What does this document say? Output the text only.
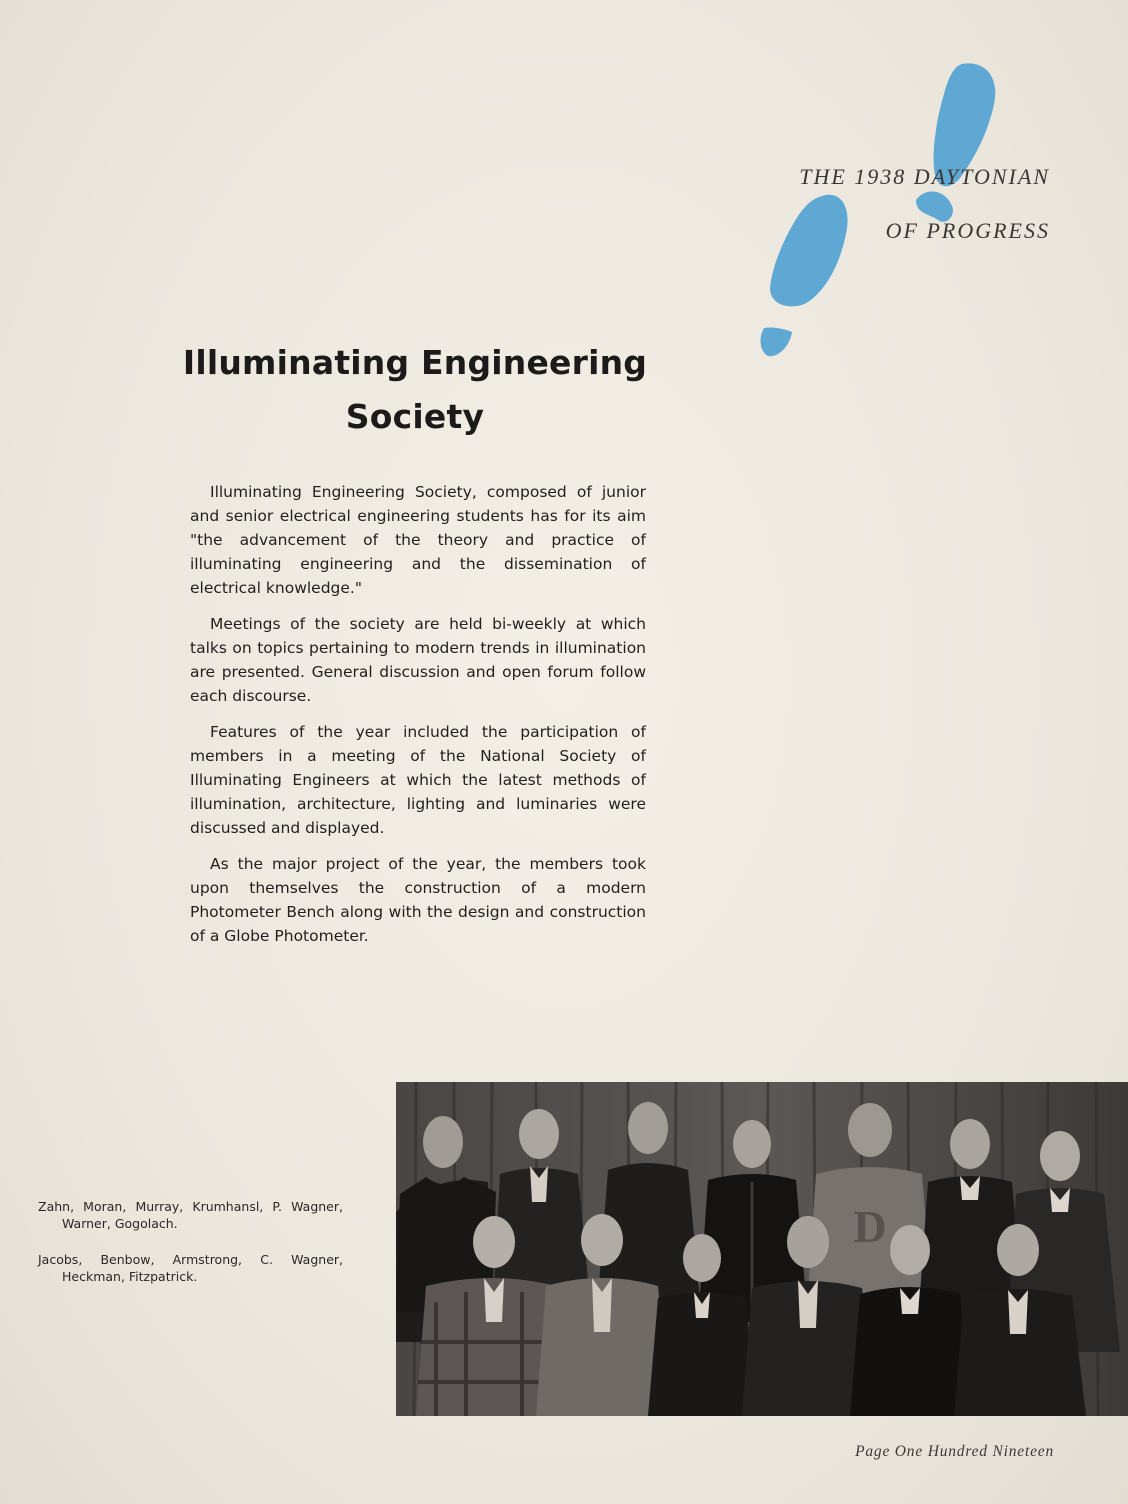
THE 1938 DAYTONIAN
OF PROGRESS
Illuminating Engineering
Society

Illuminating Engineering Society, composed of junior and senior electrical engineering students has for its aim "the advancement of the theory and practice of illuminating engineering and the dissemination of electrical knowledge."

Meetings of the society are held bi-weekly at which talks on topics pertaining to modern trends in illumination are presented. General discussion and open forum follow each discourse.

Features of the year included the participation of members in a meeting of the National Society of Illuminating Engineers at which the latest methods of illumination, architecture, lighting and luminaries were discussed and displayed.

As the major project of the year, the members took upon themselves the construction of a modern Photometer Bench along with the design and construction of a Globe Photometer.

Zahn, Moran, Murray, Krumhansl, P. Wagner, Warner, Gogolach.

Jacobs, Benbow, Armstrong, C. Wagner, Heckman, Fitzpatrick.

D
Page One Hundred Nineteen
